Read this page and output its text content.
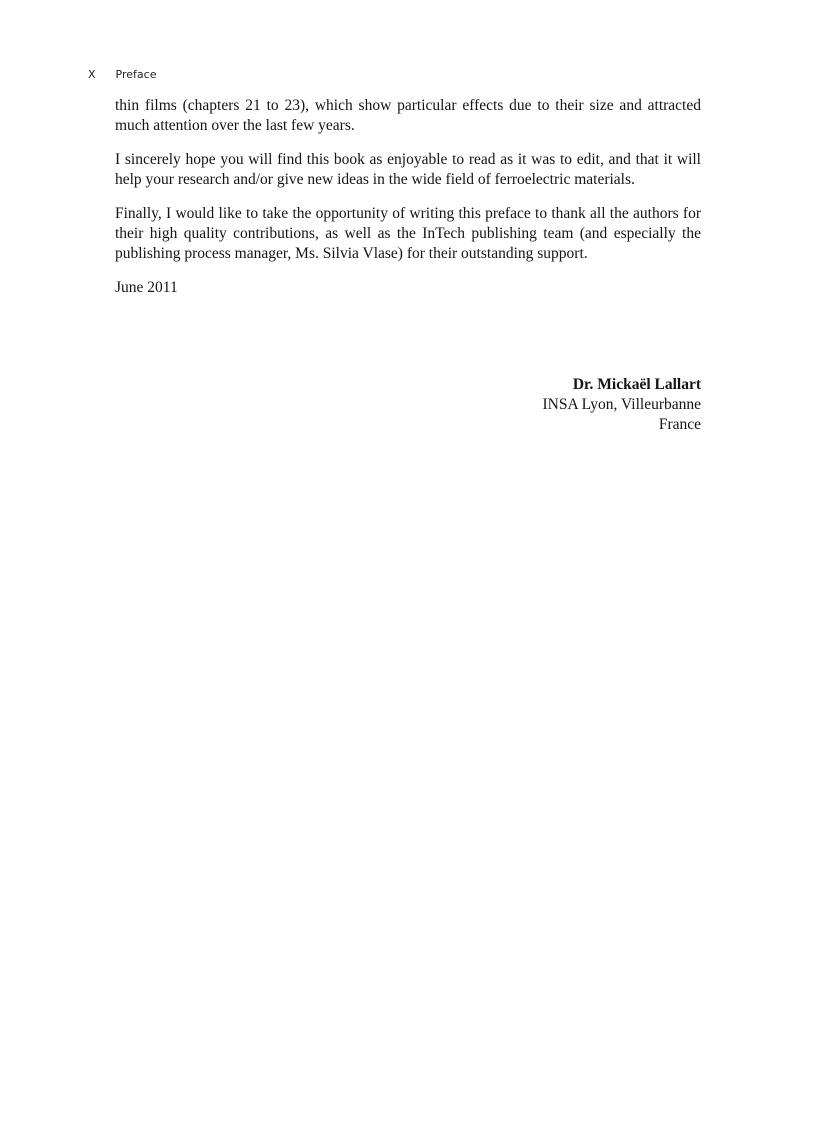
X Preface

thin films (chapters 21 to 23), which show particular effects due to their size and attracted much attention over the last few years.

I sincerely hope you will find this book as enjoyable to read as it was to edit, and that it will help your research and/or give new ideas in the wide field of ferroelectric materials.

Finally, I would like to take the opportunity of writing this preface to thank all the authors for their high quality contributions, as well as the InTech publishing team (and especially the publishing process manager, Ms. Silvia Vlase) for their outstanding support.

June 2011

Dr. Mickaël Lallart
INSA Lyon, Villeurbanne
France
